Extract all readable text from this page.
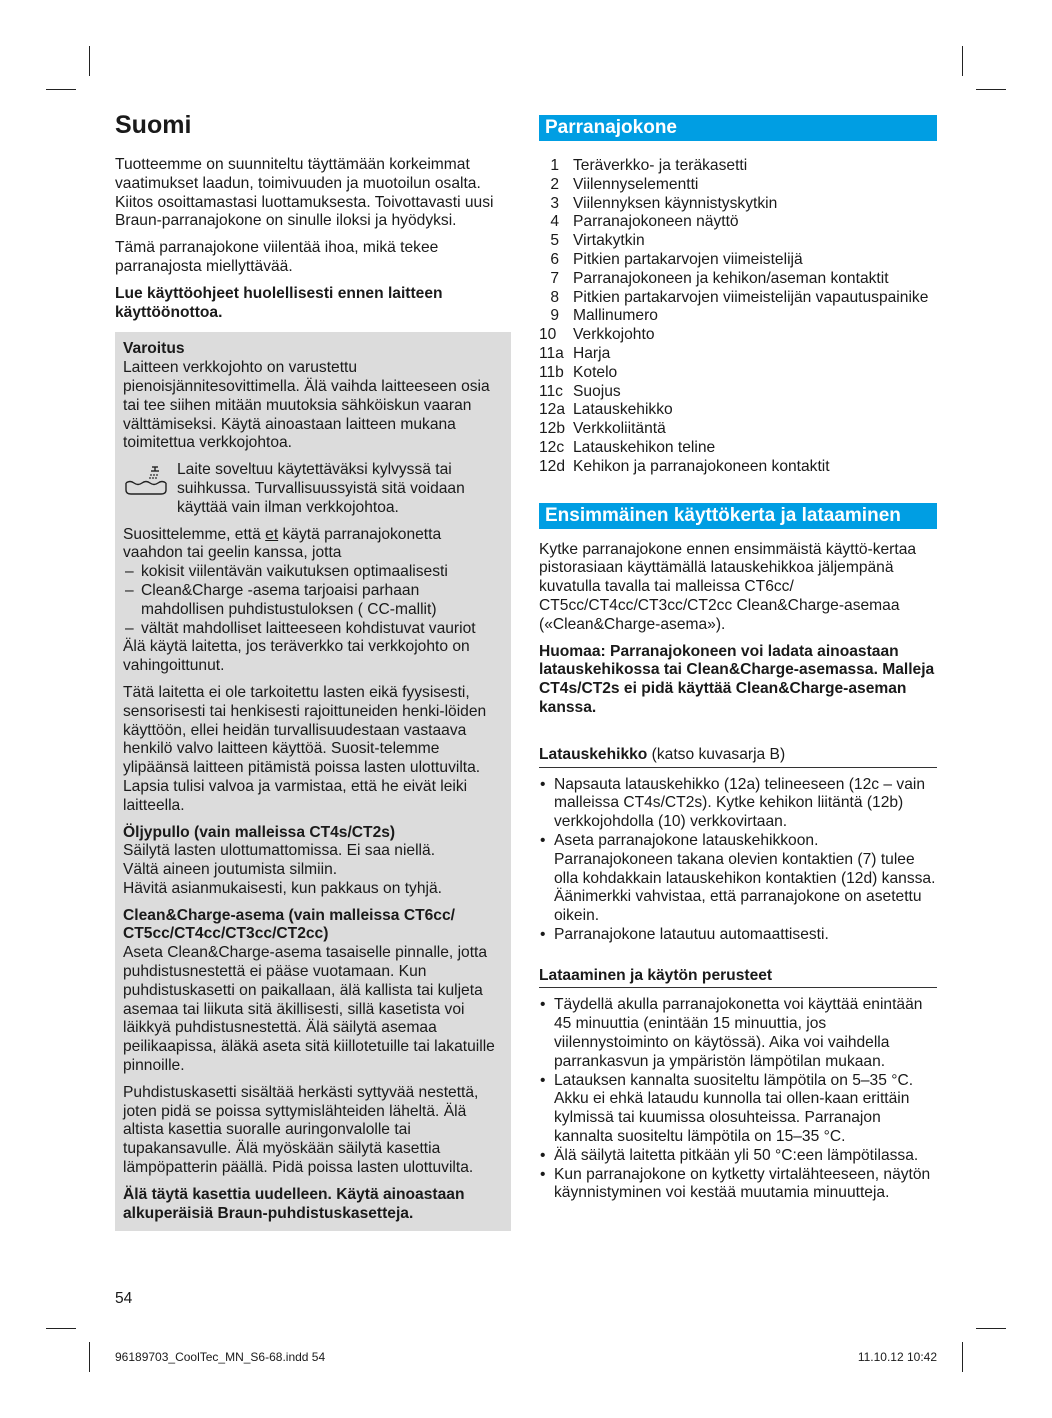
Suomi

Tuotteemme on suunniteltu täyttämään korkeimmat vaatimukset laadun, toimivuuden ja muotoilun osalta. Kiitos osoittamastasi luottamuksesta. Toivottavasti uusi Braun-parranajokone on sinulle iloksi ja hyödyksi.

Tämä parranajokone viilentää ihoa, mikä tekee parranajosta miellyttävää.

Lue käyttöohjeet huolellisesti ennen laitteen käyttöönottoa.

Varoitus
Laitteen verkkojohto on varustettu pienoisjännitesovittimella. Älä vaihda laitteeseen osia tai tee siihen mitään muutoksia sähköiskun vaaran välttämiseksi. Käytä ainoastaan laitteen mukana toimitettua verkkojohtoa.

Laite soveltuu käytettäväksi kylvyssä tai suihkussa. Turvallisuussyistä sitä voidaan käyttää vain ilman verkkojohtoa.
Suosittelemme, että et käytä parranajokonetta vaahdon tai geelin kanssa, jotta
– kokisit viilentävän vaikutuksen optimaalisesti
– Clean&Charge -asema tarjoaisi parhaan mahdollisen puhdistustuloksen ( CC-mallit)
– vältät mahdolliset laitteeseen kohdistuvat vauriot

Älä käytä laitetta, jos teräverkko tai verkkojohto on vahingoittunut.

Tätä laitetta ei ole tarkoitettu lasten eikä fyysisesti, sensorisesti tai henkisesti rajoittuneiden henki-löiden käyttöön, ellei heidän turvallisuudestaan vastaava henkilö valvo laitteen käyttöä. Suosit-telemme ylipäänsä laitteen pitämistä poissa lasten ulottuvilta. Lapsia tulisi valvoa ja varmistaa, että he eivät leiki laitteella.

Öljypullo (vain malleissa CT4s/CT2s)
Säilytä lasten ulottumattomissa. Ei saa niellä.
Vältä aineen joutumista silmiin.
Hävitä asianmukaisesti, kun pakkaus on tyhjä.

Clean&Charge-asema (vain malleissa CT6cc/ CT5cc/CT4cc/CT3cc/CT2cc)
Aseta Clean&Charge-asema tasaiselle pinnalle, jotta puhdistusnestettä ei pääse vuotamaan. Kun puhdistuskasetti on paikallaan, älä kallista tai kuljeta asemaa tai liikuta sitä äkillisesti, sillä kasetista voi läikkyä puhdistusnestettä. Älä säilytä asemaa peilikaapissa, äläkä aseta sitä kiillotetuille tai lakatuille pinnoille.

Puhdistuskasetti sisältää herkästi syttyvää nestettä, joten pidä se poissa syttymislähteiden läheltä. Älä altista kasettia suoralle auringonvalolle tai tupakansavulle. Älä myöskään säilytä kasettia lämpöpatterin päällä. Pidä poissa lasten ulottuvilta.

Älä täytä kasettia uudelleen. Käytä ainoastaan alkuperäisiä Braun-puhdistuskasetteja.

Parranajokone
1 Teräverkko- ja teräkasetti
2 Viilennyselementti
3 Viilennyksen käynnistyskytkin
4 Parranajokoneen näyttö
5 Virtakytkin
6 Pitkien partakarvojen viimeistelijä
7 Parranajokoneen ja kehikon/aseman kontaktit
8 Pitkien partakarvojen viimeistelijän vapautuspainike
9 Mallinumero
10	Verkkojohto
11a Harja
11b Kotelo
11c Suojus
12a Latauskehikko
12b Verkkoliitäntä
12c Latauskehikon teline
12d Kehikon ja parranajokoneen kontaktit
Ensimmäinen käyttökerta ja lataaminen

Kytke parranajokone ennen ensimmäistä käyttö-kertaa pistorasiaan käyttämällä latauskehikkoa jäljempänä kuvatulla tavalla tai malleissa CT6cc/ CT5cc/CT4cc/CT3cc/CT2cc Clean&Charge-asemaa («Clean&Charge-asema»).

Huomaa: Parranajokoneen voi ladata ainoastaan latauskehikossa tai Clean&Charge-asemassa. Malleja CT4s/CT2s ei pidä käyttää Clean&Charge-aseman kanssa.

Latauskehikko (katso kuvasarja B)
• Napsauta latauskehikko (12a) telineeseen (12c – vain malleissa CT4s/CT2s). Kytke kehikon liitäntä (12b) verkkojohdolla (10) verkkovirtaan.
• Aseta parranajokone latauskehikkoon. Parranajokoneen takana olevien kontaktien (7) tulee olla kohdakkain latauskehikon kontaktien (12d) kanssa. Äänimerkki vahvistaa, että parranajokone on asetettu oikein.
• Parranajokone latautuu automaattisesti.
Lataaminen ja käytön perusteet
• Täydellä akulla parranajokonetta voi käyttää enintään 45 minuuttia (enintään 15 minuuttia, jos viilennystoiminto on käytössä). Aika voi vaihdella parrankasvun ja ympäristön lämpötilan mukaan.
• Latauksen kannalta suositeltu lämpötila on 5–35 °C. Akku ei ehkä lataudu kunnolla tai ollen-kaan erittäin kylmissä tai kuumissa olosuhteissa. Parranajon kannalta suositeltu lämpötila on 15–35 °C.
• Älä säilytä laitetta pitkään yli 50 °C:een lämpötilassa.
• Kun parranajokone on kytketty virtalähteeseen, näytön käynnistyminen voi kestää muutamia minuutteja.
54
96189703_CoolTec_MN_S6-68.indd 54	11.10.12 10:42
